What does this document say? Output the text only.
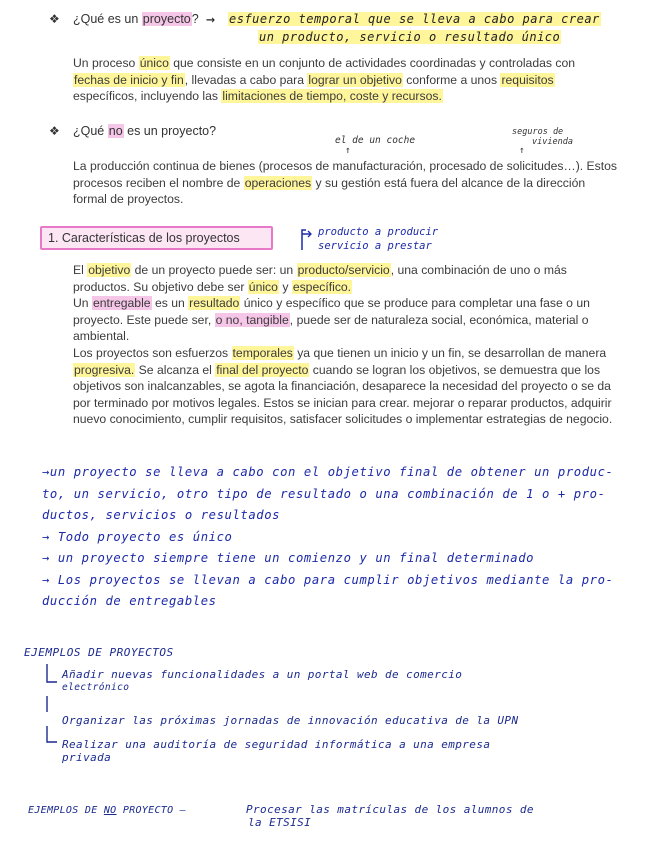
❖ ¿Qué es un proyecto? → esfuerzo temporal que se lleva a cabo para crear
un producto, servicio o resultado único

Un proceso único que consiste en un conjunto de actividades coordinadas y controladas con fechas de inicio y fin, llevadas a cabo para lograr un objetivo conforme a unos requisitos específicos, incluyendo las limitaciones de tiempo, coste y recursos.

❖ ¿Qué no es un proyecto?
el de un coche
↑
seguros de
vivienda
↑

La producción continua de bienes (procesos de manufacturación, procesado de solicitudes…). Estos procesos reciben el nombre de operaciones y su gestión está fuera del alcance de la dirección formal de proyectos.

1. Características de los proyectos	producto a producir
servicio a prestar

El objetivo de un proyecto puede ser: un producto/servicio, una combinación de uno o más productos. Su objetivo debe ser único y específico.

Un entregable es un resultado único y específico que se produce para completar una fase o un proyecto. Este puede ser, o no, tangible, puede ser de naturaleza social, económica, material o ambiental.

Los proyectos son esfuerzos temporales ya que tienen un inicio y un fin, se desarrollan de manera progresiva. Se alcanza el final del proyecto cuando se logran los objetivos, se demuestra que los objetivos son inalcanzables, se agota la financiación, desaparece la necesidad del proyecto o se da por terminado por motivos legales. Estos se inician para crear. mejorar o reparar productos, adquirir nuevo conocimiento, cumplir requisitos, satisfacer solicitudes o implementar estrategias de negocio.

→un proyecto se lleva a cabo con el objetivo final de obtener un produc-
to, un servicio, otro tipo de resultado o una combinación de 1 o + pro-
ductos, servicios o resultados
→ Todo proyecto es único
→ un proyecto siempre tiene un comienzo y un final determinado
→ Los proyectos se llevan a cabo para cumplir objetivos mediante la pro-
ducción de entregables
EJEMPLOS DE PROYECTOS
Añadir nuevas funcionalidades a un portal web de comercio
electrónico
Organizar las próximas jornadas de innovación educativa de la UPN
Realizar una auditoría de seguridad informática a una empresa
privada
EJEMPLOS DE NO PROYECTO —	Procesar las matrículas de los alumnos de
la ETSISI
